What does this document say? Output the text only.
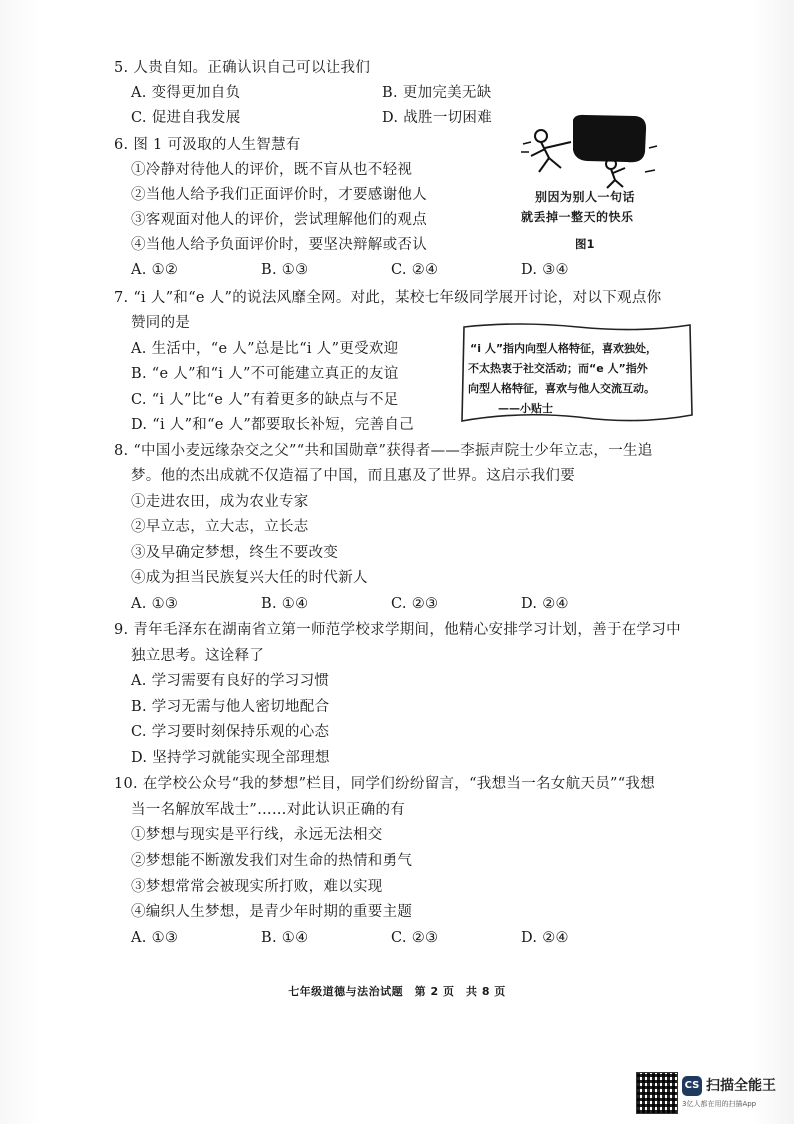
5. 人贵自知。正确认识自己可以让我们
A. 变得更加自负	B. 更加完美无缺
C. 促进自我发展	D. 战胜一切困难
6. 图 1 可汲取的人生智慧有
①冷静对待他人的评价，既不盲从也不轻视
②当他人给予我们正面评价时，才要感谢他人
③客观面对他人的评价，尝试理解他们的观点
④当他人给予负面评价时，要坚决辩解或否认
A. ①②	B. ①③	C. ②④	D. ③④
别因为别人一句话
就丢掉一整天的快乐
图1
7. “i 人”和“e 人”的说法风靡全网。对此，某校七年级同学展开讨论，对以下观点你
赞同的是
A. 生活中，“e 人”总是比“i 人”更受欢迎
B. “e 人”和“i 人”不可能建立真正的友谊
C. “i 人”比“e 人”有着更多的缺点与不足
D. “i 人”和“e 人”都要取长补短，完善自己
“i 人”指内向型人格特征，喜欢独处，
不太热衷于社交活动；而“e 人”指外
向型人格特征，喜欢与他人交流互动。
——小贴士
8. “中国小麦远缘杂交之父”“共和国勋章”获得者——李振声院士少年立志，一生追
梦。他的杰出成就不仅造福了中国，而且惠及了世界。这启示我们要
①走进农田，成为农业专家
②早立志，立大志，立长志
③及早确定梦想，终生不要改变
④成为担当民族复兴大任的时代新人
A. ①③	B. ①④	C. ②③	D. ②④
9. 青年毛泽东在湖南省立第一师范学校求学期间，他精心安排学习计划，善于在学习中
独立思考。这诠释了
A. 学习需要有良好的学习习惯
B. 学习无需与他人密切地配合
C. 学习要时刻保持乐观的心态
D. 坚持学习就能实现全部理想
10. 在学校公众号“我的梦想”栏目，同学们纷纷留言，“我想当一名女航天员”“我想
当一名解放军战士”……对此认识正确的有
①梦想与现实是平行线，永远无法相交
②梦想能不断激发我们对生命的热情和勇气
③梦想常常会被现实所打败，难以实现
④编织人生梦想，是青少年时期的重要主题
A. ①③	B. ①④	C. ②③	D. ②④
七年级道德与法治试题　第 2 页　共 8 页
CS 扫描全能王
3亿人都在用的扫描App
